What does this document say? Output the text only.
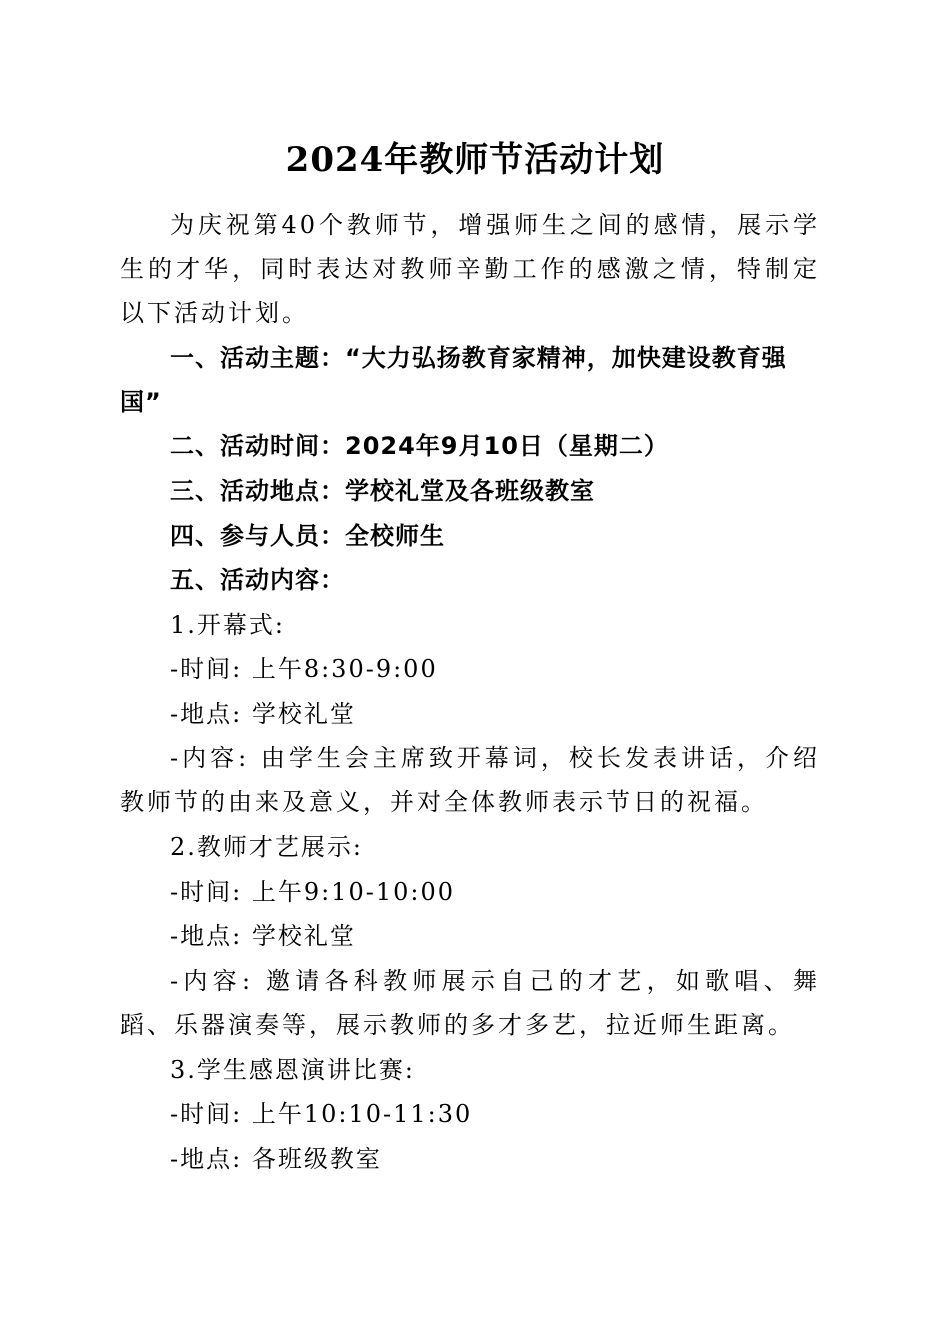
2024年教师节活动计划
为庆祝第40个教师节，增强师生之间的感情，展示学生的才华，同时表达对教师辛勤工作的感激之情，特制定以下活动计划。
一、活动主题：“大力弘扬教育家精神，加快建设教育强国”
二、活动时间：2024年9月10日（星期二）
三、活动地点：学校礼堂及各班级教室
四、参与人员：全校师生
五、活动内容：
1.开幕式:
-时间: 上午8:30-9:00
-地点: 学校礼堂
-内容: 由学生会主席致开幕词，校长发表讲话，介绍教师节的由来及意义，并对全体教师表示节日的祝福。
2.教师才艺展示:
-时间: 上午9:10-10:00
-地点: 学校礼堂
-内容: 邀请各科教师展示自己的才艺，如歌唱、舞蹈、乐器演奏等，展示教师的多才多艺，拉近师生距离。
3.学生感恩演讲比赛:
-时间: 上午10:10-11:30
-地点: 各班级教室
